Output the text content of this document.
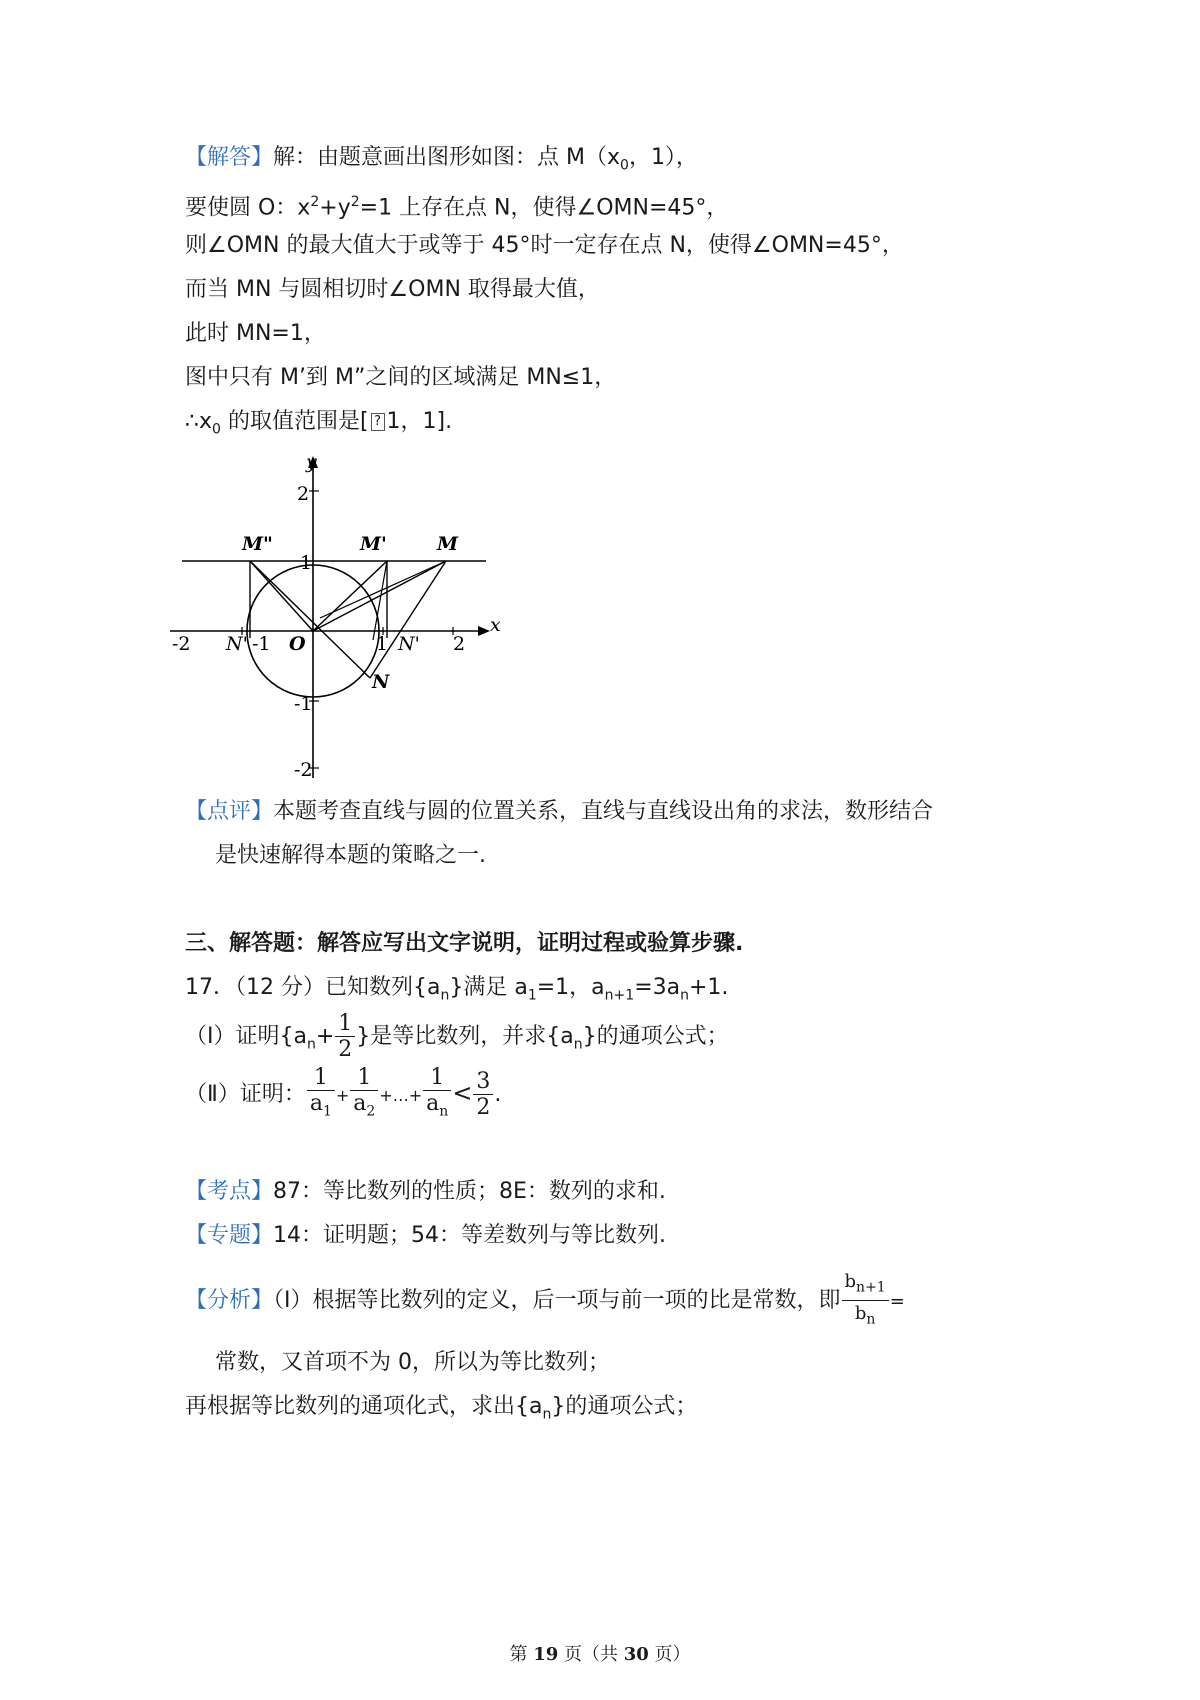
【解答】解：由题意画出图形如图：点 $M(x_0$，1），
要使圆 O：$x^2+y^2=1$ 上存在点 N，使得∠OMN=45°，
则∠OMN 的最大值大于或等于 45°时一定存在点 N，使得∠OMN=45°，
而当 MN 与圆相切时∠OMN 取得最大值，
此时 MN=1，
图中只有 M’到 M”之间的区域满足 MN≤1，
$\therefore x_0$ 的取值范围是[ ? 1，1].
y
x
O
-2	-1	1	2
2
1
-1
-2
M
M'
M"
N
N'
N'
【点评】本题考查直线与圆的位置关系，直线与直线设出角的求法，数形结合
是快速解得本题的策略之一.
三、解答题：解答应写出文字说明，证明过程或验算步骤.
17．（12 分）已知数列$\{a_n\}$满足 $a_1=1$，$a_{n+1}=3a_n+1$.
（Ⅰ）证明{$a_n+ \frac{1}{2}$ }是等比数列，并求$\{a_n\}$的通项公式；
（Ⅱ）证明： $\frac{1}{a_1} + \frac{1}{a_2}$ +…+ $\frac{1}{a_n} < \frac{3}{2}$ .
【考点】87：等比数列的性质；8E：数列的求和.
【专题】14：证明题；54：等差数列与等比数列.
【分析】（Ⅰ）根据等比数列的定义，后一项与前一项的比是常数，即 $\frac{b_{n+1}}{b_n}$ =
常数，又首项不为 0，所以为等比数列；
再根据等比数列的通项化式，求出$\{a_n\}$的通项公式；
第 19 页（共 30 页）
